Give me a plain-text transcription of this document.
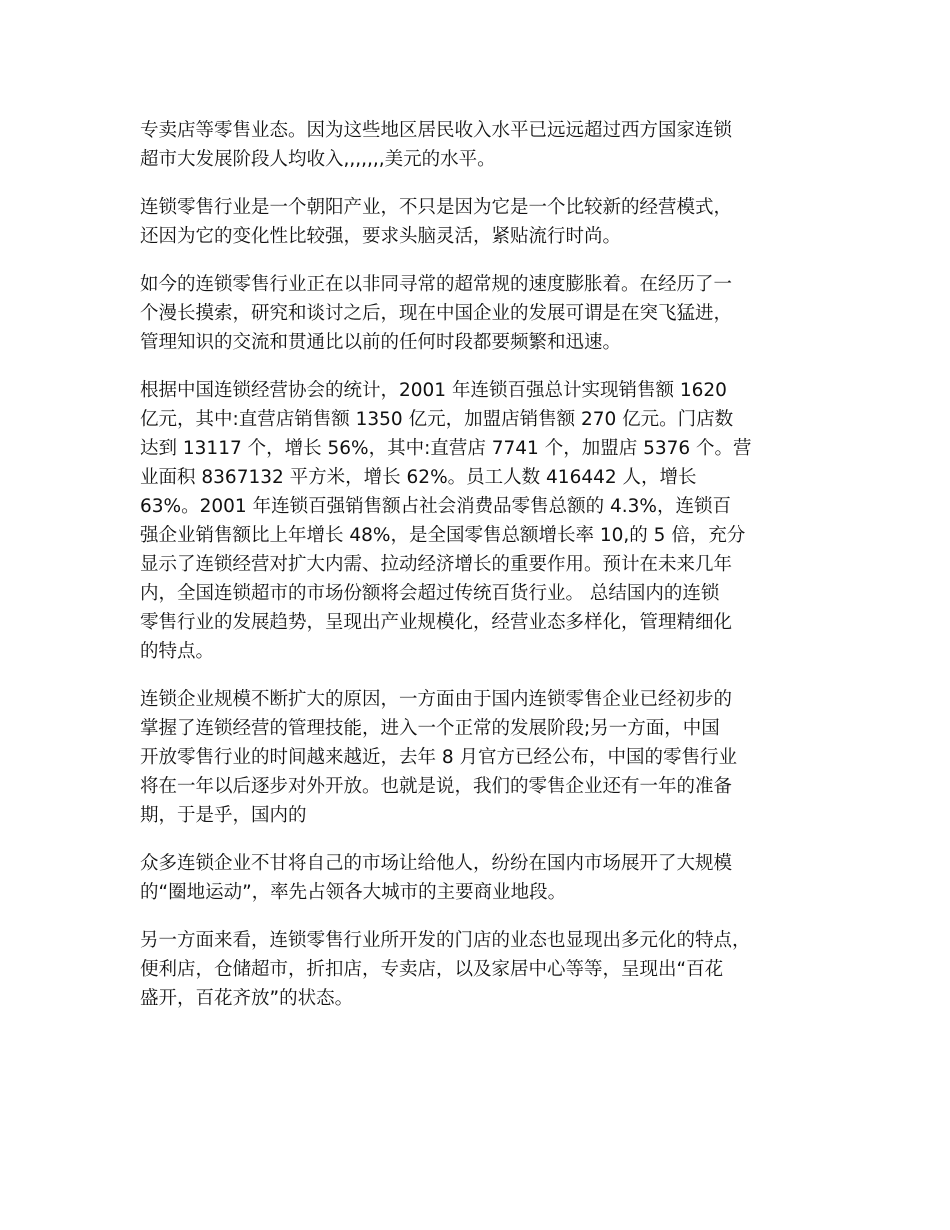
专卖店等零售业态。因为这些地区居民收入水平已远远超过西方国家连锁
超市大发展阶段人均收入,,,,,,,美元的水平。

连锁零售行业是一个朝阳产业，不只是因为它是一个比较新的经营模式，
还因为它的变化性比较强，要求头脑灵活，紧贴流行时尚。

如今的连锁零售行业正在以非同寻常的超常规的速度膨胀着。在经历了一
个漫长摸索，研究和谈讨之后，现在中国企业的发展可谓是在突飞猛进，
管理知识的交流和贯通比以前的任何时段都要频繁和迅速。

根据中国连锁经营协会的统计，2001 年连锁百强总计实现销售额 1620
亿元，其中:直营店销售额 1350 亿元，加盟店销售额 270 亿元。门店数
达到 13117 个，增长 56%，其中:直营店 7741 个，加盟店 5376 个。营
业面积 8367132 平方米，增长 62%。员工人数 416442 人，增长
63%。2001 年连锁百强销售额占社会消费品零售总额的 4.3%，连锁百
强企业销售额比上年增长 48%，是全国零售总额增长率 10,的 5 倍，充分
显示了连锁经营对扩大内需、拉动经济增长的重要作用。预计在未来几年
内，全国连锁超市的市场份额将会超过传统百货行业。 总结国内的连锁
零售行业的发展趋势，呈现出产业规模化，经营业态多样化，管理精细化
的特点。

连锁企业规模不断扩大的原因，一方面由于国内连锁零售企业已经初步的
掌握了连锁经营的管理技能，进入一个正常的发展阶段;另一方面，中国
开放零售行业的时间越来越近，去年 8 月官方已经公布，中国的零售行业
将在一年以后逐步对外开放。也就是说，我们的零售企业还有一年的准备
期，于是乎，国内的

众多连锁企业不甘将自己的市场让给他人，纷纷在国内市场展开了大规模
的“圈地运动”，率先占领各大城市的主要商业地段。

另一方面来看，连锁零售行业所开发的门店的业态也显现出多元化的特点，
便利店，仓储超市，折扣店，专卖店，以及家居中心等等，呈现出“百花
盛开，百花齐放”的状态。
